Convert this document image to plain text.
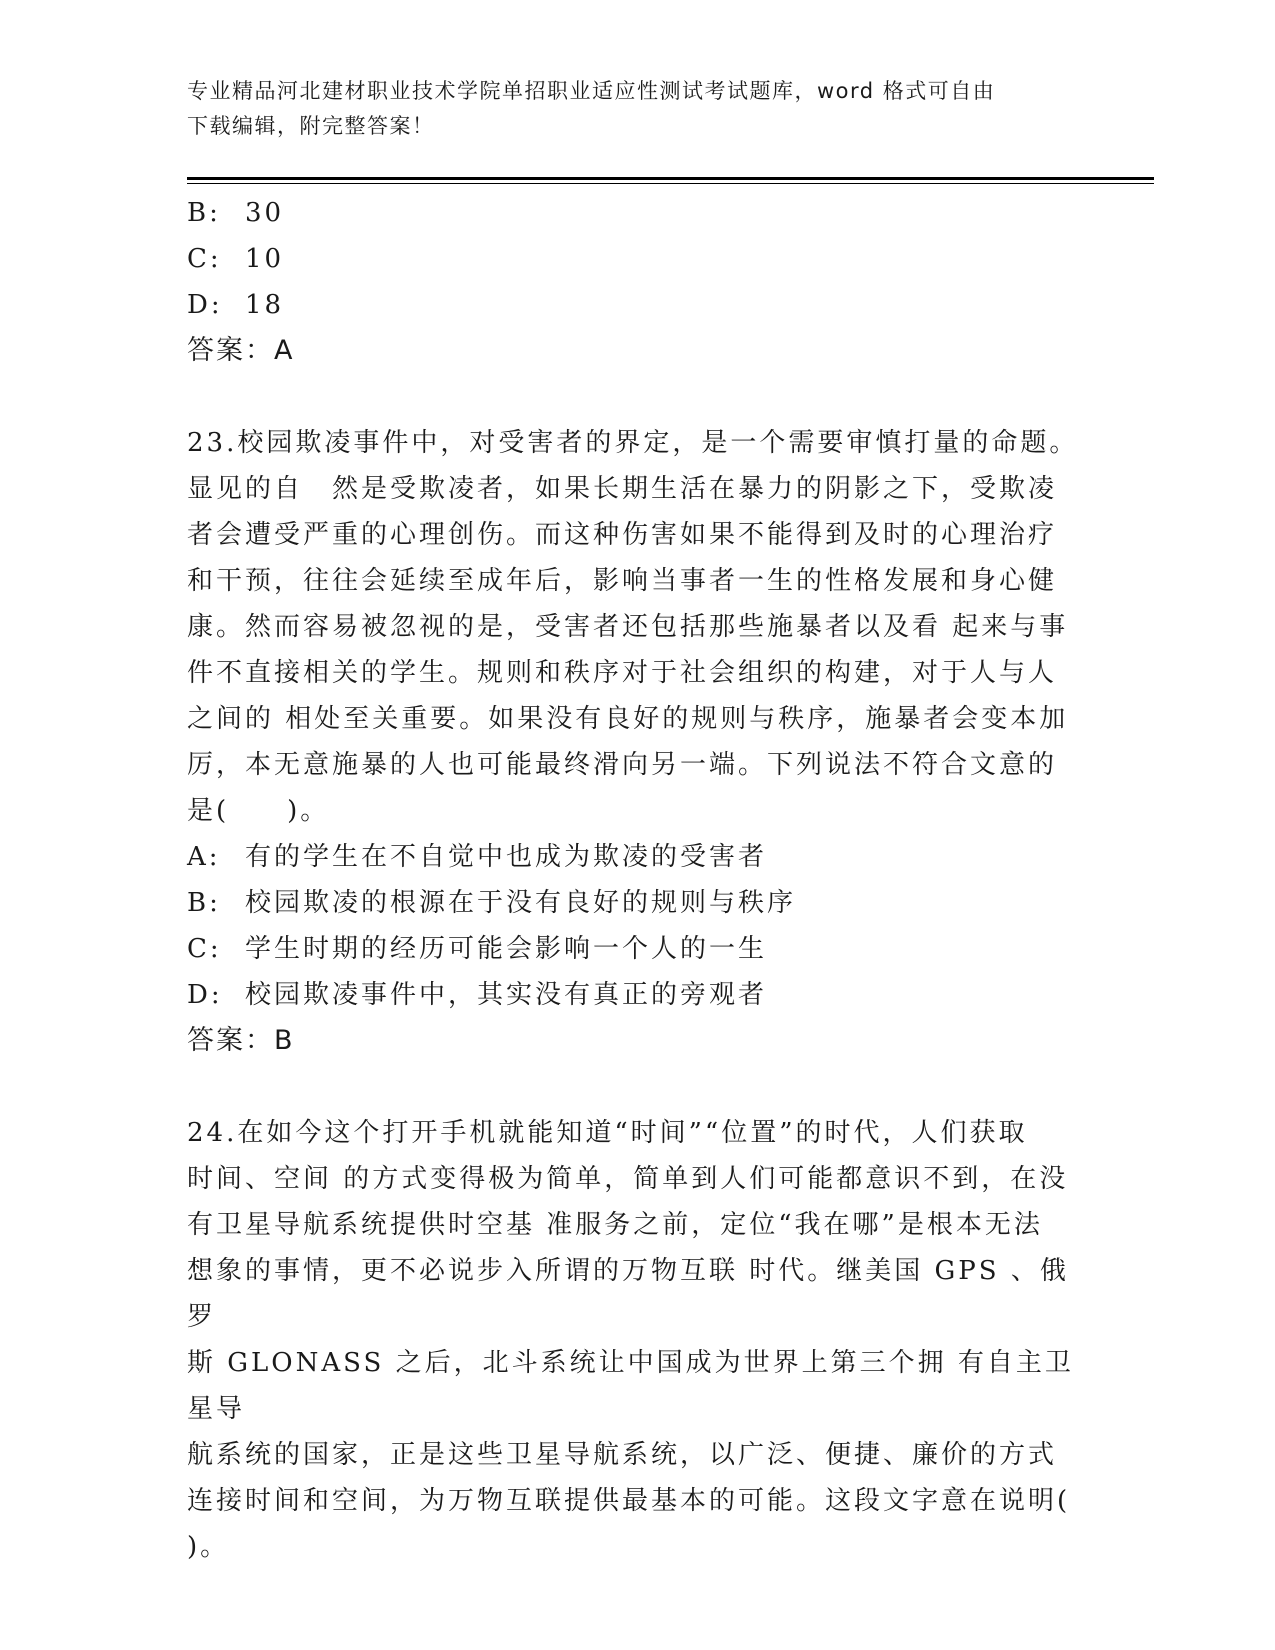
专业精品河北建材职业技术学院单招职业适应性测试考试题库，word 格式可自由
下载编辑，附完整答案！
B: 30
C: 10
D: 18
答案：A
23.校园欺凌事件中，对受害者的界定，是一个需要审慎打量的命题。
显见的自　然是受欺凌者，如果长期生活在暴力的阴影之下，受欺凌
者会遭受严重的心理创伤。而这种伤害如果不能得到及时的心理治疗
和干预，往往会延续至成年后，影响当事者一生的性格发展和身心健
康。然而容易被忽视的是，受害者还包括那些施暴者以及看 起来与事
件不直接相关的学生。规则和秩序对于社会组织的构建，对于人与人
之间的 相处至关重要。如果没有良好的规则与秩序，施暴者会变本加
厉，本无意施暴的人也可能最终滑向另一端。下列说法不符合文意的
是(　　)。
A: 有的学生在不自觉中也成为欺凌的受害者
B: 校园欺凌的根源在于没有良好的规则与秩序
C: 学生时期的经历可能会影响一个人的一生
D: 校园欺凌事件中，其实没有真正的旁观者
答案：B
24.在如今这个打开手机就能知道“时间”“位置”的时代，人们获取
时间、空间 的方式变得极为简单，简单到人们可能都意识不到，在没
有卫星导航系统提供时空基 准服务之前，定位“我在哪”是根本无法
想象的事情，更不必说步入所谓的万物互联 时代。继美国 GPS 、俄罗
斯 GLONASS 之后，北斗系统让中国成为世界上第三个拥 有自主卫星导
航系统的国家，正是这些卫星导航系统，以广泛、便捷、廉价的方式
连接时间和空间，为万物互联提供最基本的可能。这段文字意在说明(
)。
